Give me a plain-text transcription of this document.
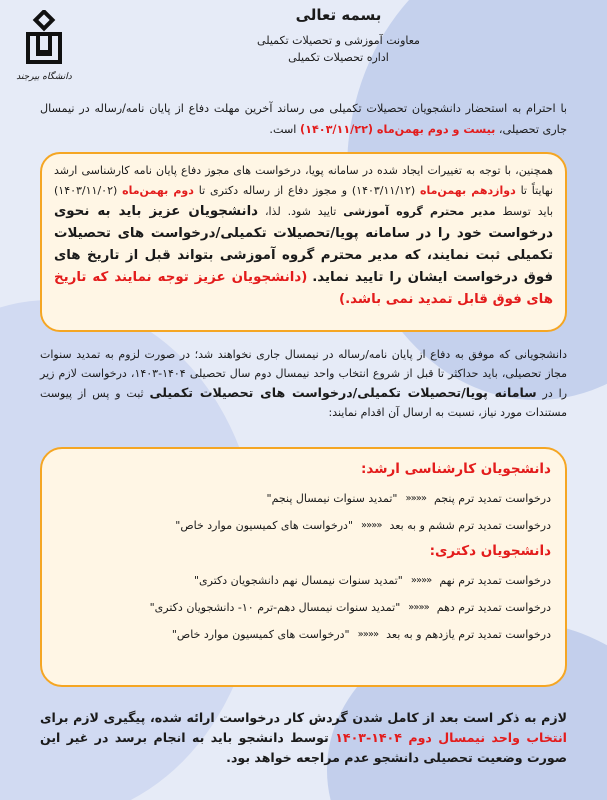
دانشگاه بیرجند
بسمه تعالی
معاونت آموزشی و تحصیلات تکمیلی
اداره تحصیلات تکمیلی
با احترام به استحضار دانشجویان تحصیلات تکمیلی می رساند آخرین مهلت دفاع از پایان نامه/رساله در نیمسال جاری تحصیلی، بیست و دوم بهمن‌ماه (۱۴۰۳/۱۱/۲۲) است.
همچنین، با توجه به تغییرات ایجاد شده در سامانه پویا، درخواست های مجوز دفاع پایان نامه کارشناسی ارشد نهایتاً تا دوازدهم بهمن‌ماه (۱۴۰۳/۱۱/۱۲) و مجوز دفاع از رساله دکتری تا دوم بهمن‌ماه (۱۴۰۳/۱۱/۰۲) باید توسط مدیر محترم گروه آموزشی تایید شود. لذا، دانشجویان عزیز باید به نحوی درخواست خود را در سامانه پویا/تحصیلات تکمیلی/درخواست های تحصیلات تکمیلی ثبت نمایند، که مدیر محترم گروه آموزشی بتواند قبل از تاریخ های فوق درخواست ایشان را تایید نماید. (دانشجویان عزیز توجه نمایند که تاریخ های فوق قابل تمدید نمی باشد.)
دانشجویانی که موفق به دفاع از پایان نامه/رساله در نیمسال جاری نخواهند شد؛ در صورت لزوم به تمدید سنوات مجاز تحصیلی، باید حداکثر تا قبل از شروع انتخاب واحد نیمسال دوم سال تحصیلی ۱۴۰۴-۱۴۰۳، درخواست لازم زیر را در سامانه پویا/تحصیلات تکمیلی/درخواست های تحصیلات تکمیلی ثبت و پس از پیوست مستندات مورد نیاز، نسبت به ارسال آن اقدام نمایند:
دانشجویان کارشناسی ارشد:
درخواست تمدید ترم پنجم
««««
"تمدید سنوات نیمسال پنجم"
درخواست تمدید ترم ششم و به بعد
««««
"درخواست های کمیسیون موارد خاص"
دانشجویان دکتری:
درخواست تمدید ترم نهم
««««
"تمدید سنوات نیمسال نهم دانشجویان دکتری"
درخواست تمدید ترم دهم
««««
"تمدید سنوات نیمسال دهم-ترم ۱۰- دانشجویان دکتری"
درخواست تمدید ترم یازدهم و به بعد
««««
"درخواست های کمیسیون موارد خاص"
لازم به ذکر است بعد از کامل شدن گردش کار درخواست ارائه شده، پیگیری لازم برای انتخاب واحد نیمسال دوم ۱۴۰۴-۱۴۰۳ توسط دانشجو باید به انجام برسد در غیر این صورت وضعیت تحصیلی دانشجو عدم مراجعه خواهد بود.
